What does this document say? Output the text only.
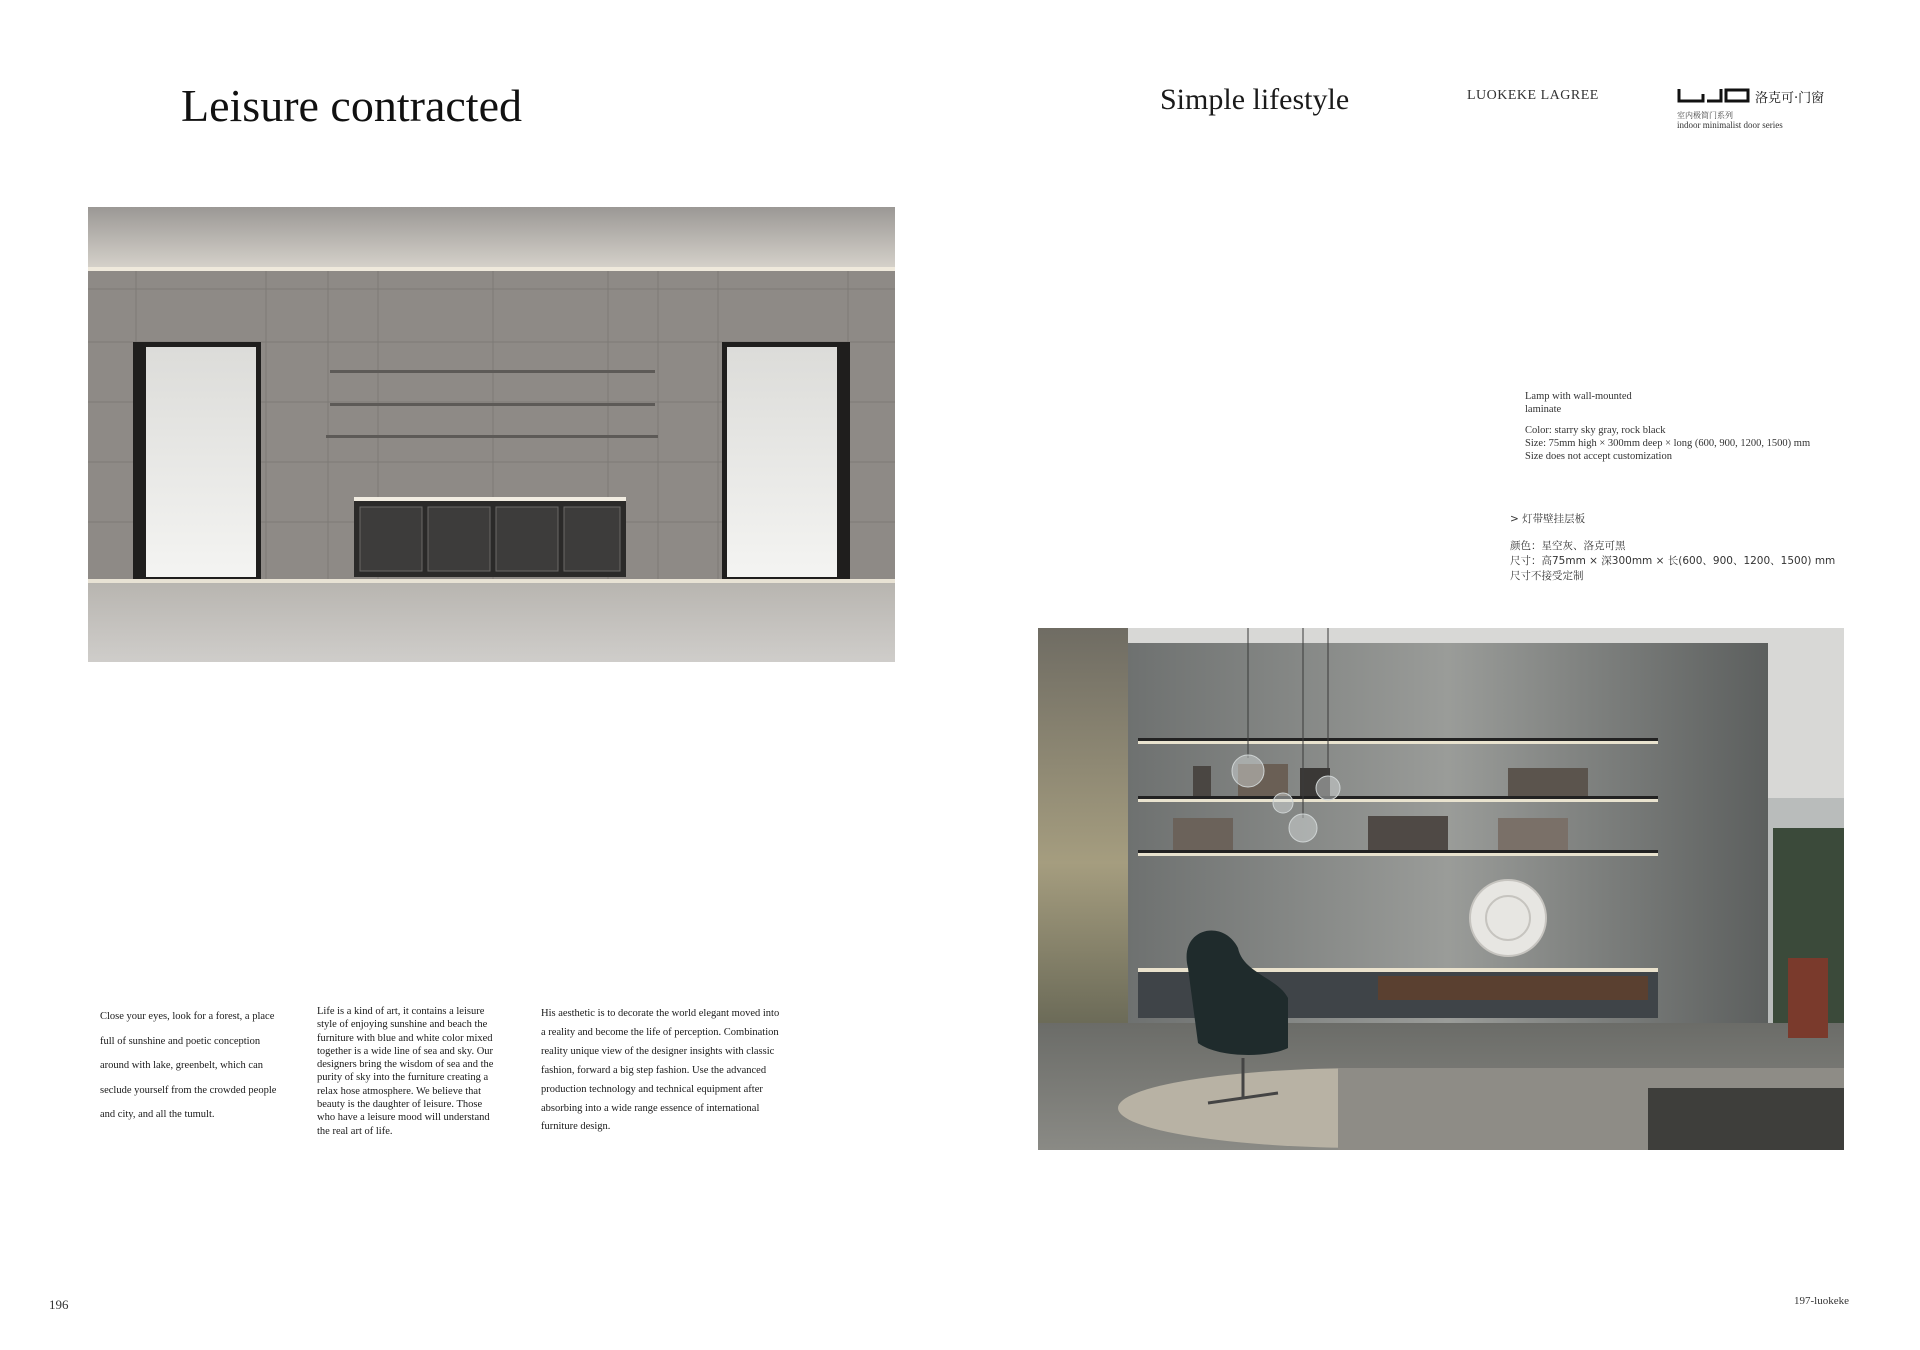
Leisure contracted	Simple lifestyle	LUOKEKE LAGREE	洛克可·门窗
室内极简门系列
indoor minimalist door series

Lamp with wall-mounted

laminate

Color: starry sky gray, rock black

Size: 75mm high × 300mm deep × long (600, 900, 1200, 1500) mm

Size does not accept customization

> 灯带壁挂层板

颜色：星空灰、洛克可黑

尺寸：高75mm × 深300mm × 长(600、900、1200、1500) mm

尺寸不接受定制

Close your eyes, look for a forest, a place full of sunshine and poetic conception around with lake, greenbelt, which can seclude yourself from the crowded people and city, and all the tumult.

Life is a kind of art, it contains a leisure style of enjoying sunshine and beach the furniture with blue and white color mixed together is a wide line of sea and sky. Our designers bring the wisdom of sea and the purity of sky into the furniture creating a relax hose atmosphere. We believe that beauty is the daughter of leisure. Those who have a leisure mood will understand the real art of life.

His aesthetic is to decorate the world elegant moved into a reality and become the life of perception. Combination reality unique view of the designer insights with classic fashion, forward a big step fashion. Use the advanced production technology and technical equipment after absorbing into a wide range essence of international furniture design.

196	197-luokeke
